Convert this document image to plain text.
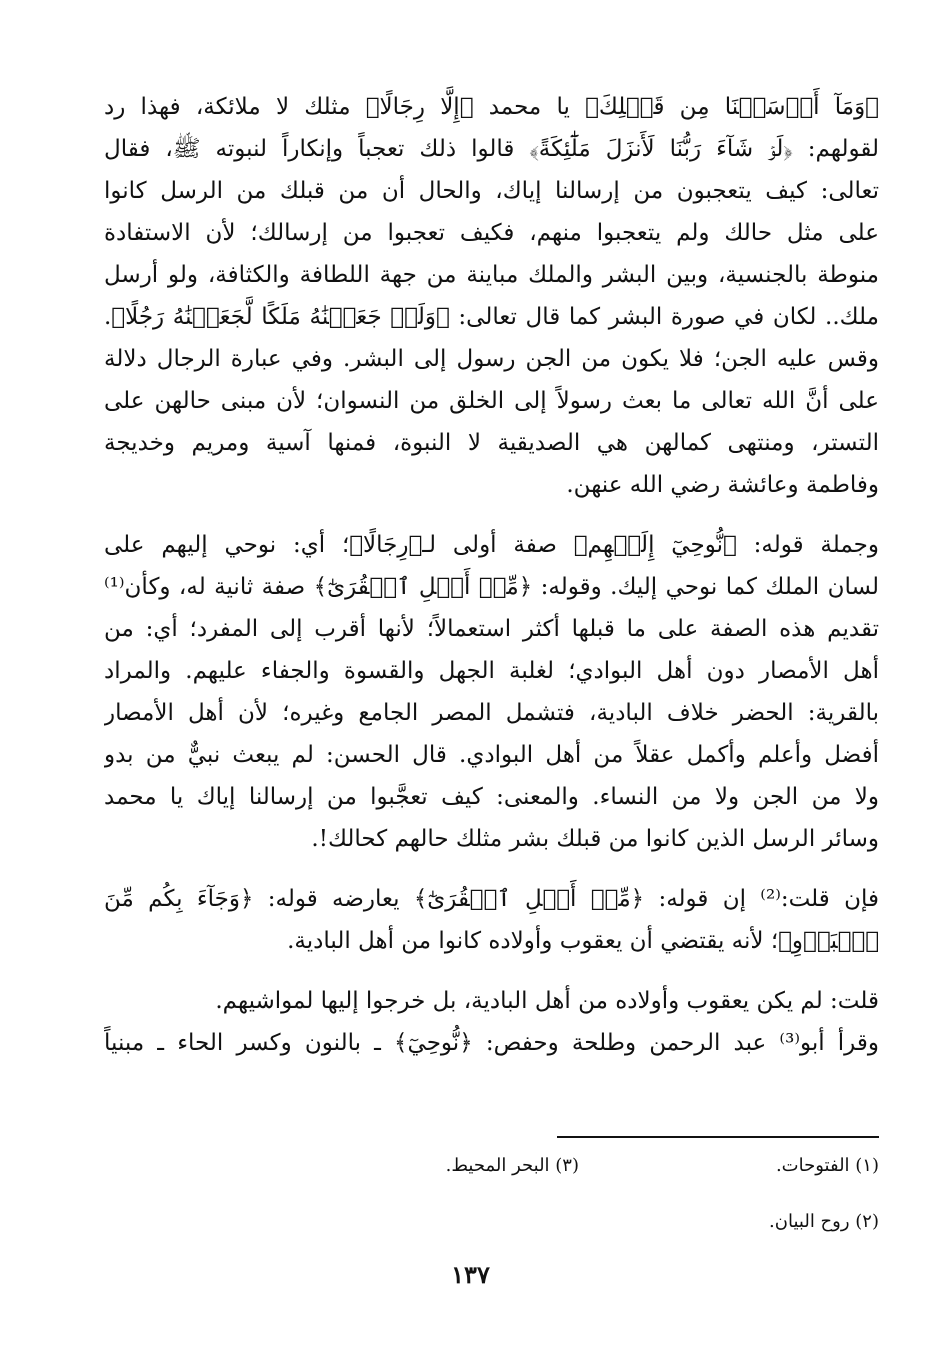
﴿وَمَآ أَرۡسَلۡنَا مِن قَبۡلِكَ﴾ يا محمد ﴿إِلَّا رِجَالًا﴾ مثلك لا ملائكة، فهذا رد
لقولهم: ﴿لَوۡ شَآءَ رَبُّنَا لَأَنزَلَ مَلَٰٓئِكَةً﴾ قالوا ذلك تعجباً وإنكاراً لنبوته ﷺ، فقال
تعالى: كيف يتعجبون من إرسالنا إياك، والحال أن من قبلك من الرسل كانوا
على مثل حالك ولم يتعجبوا منهم، فكيف تعجبوا من إرسالك؛ لأن الاستفادة
منوطة بالجنسية، وبين البشر والملك مباينة من جهة اللطافة والكثافة، ولو أرسل
ملك.. لكان في صورة البشر كما قال تعالى: ﴿وَلَوۡ جَعَلۡنَٰهُ مَلَكًا لَّجَعَلۡنَٰهُ رَجُلًا﴾.
وقس عليه الجن؛ فلا يكون من الجن رسول إلى البشر. وفي عبارة الرجال دلالة
على أنَّ الله تعالى ما بعث رسولاً إلى الخلق من النسوان؛ لأن مبنى حالهن على
التستر، ومنتهى كمالهن هي الصديقية لا النبوة، فمنها آسية ومريم وخديجة
وفاطمة وعائشة رضي الله عنهن.

وجملة قوله: ﴿نُّوحِيٓ إِلَيۡهِم﴾ صفة أولى لـ﴿رِجَالًا﴾؛ أي: نوحي إليهم على
لسان الملك كما نوحي إليك. وقوله: ﴿مِّنۡ أَهۡلِ ٱلۡقُرَىٰٓ﴾ صفة ثانية له، وكأن⁽¹⁾
تقديم هذه الصفة على ما قبلها أكثر استعمالاً؛ لأنها أقرب إلى المفرد؛ أي: من
أهل الأمصار دون أهل البوادي؛ لغلبة الجهل والقسوة والجفاء عليهم. والمراد
بالقرية: الحضر خلاف البادية، فتشمل المصر الجامع وغيره؛ لأن أهل الأمصار
أفضل وأعلم وأكمل عقلاً من أهل البوادي. قال الحسن: لم يبعث نبيٌّ من بدو
ولا من الجن ولا من النساء. والمعنى: كيف تعجَّبوا من إرسالنا إياك يا محمد
وسائر الرسل الذين كانوا من قبلك بشر مثلك حالهم كحالك!.

فإن قلت:⁽²⁾ إن قوله: ﴿مِّنۡ أَهۡلِ ٱلۡقُرَىٰٓ﴾ يعارضه قوله: ﴿وَجَآءَ بِكُم مِّنَ
ٱلۡبَدۡوِ﴾؛ لأنه يقتضي أن يعقوب وأولاده كانوا من أهل البادية.

قلت: لم يكن يعقوب وأولاده من أهل البادية، بل خرجوا إليها لمواشيهم.
وقرأ أبو⁽³⁾ عبد الرحمن وطلحة وحفص: ﴿نُّوحِيٓ﴾ ـ بالنون وكسر الحاء ـ مبنياً

(١) الفتوحات.
(٣) البحر المحيط.
(٢) روح البيان.
١٣٧
